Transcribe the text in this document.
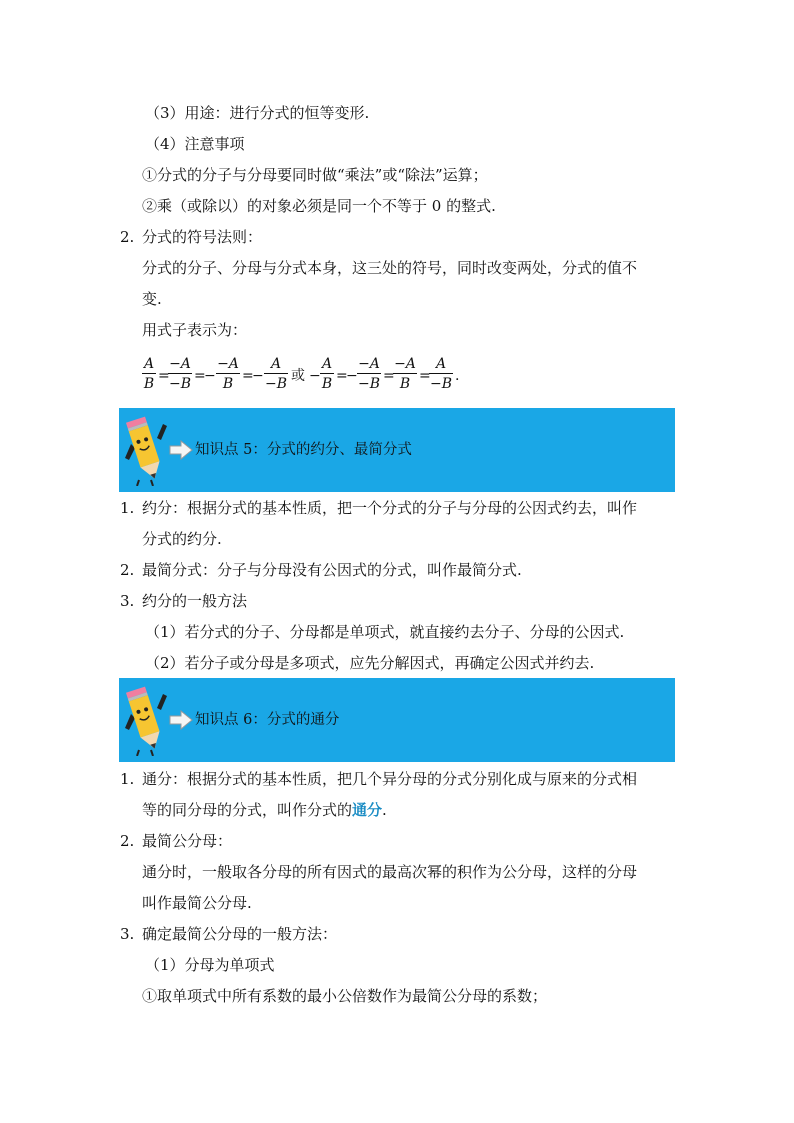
（3）用途：进行分式的恒等变形.
（4）注意事项
①分式的分子与分母要同时做“乘法”或“除法”运算；
②乘（或除以）的对象必须是同一个不等于 0 的整式.
2. 分式的符号法则：
分式的分子、分母与分式本身，这三处的符号，同时改变两处，分式的值不
变.
用式子表示为：
A
B =
−A
−B =
−
−A
B =
−
A
−B 或 −
A
B =
−
−A
−B =
−A
B =
A
−B .
知识点 5：分式的约分、最简分式
1. 约分：根据分式的基本性质，把一个分式的分子与分母的公因式约去，叫作
分式的约分.
2. 最简分式：分子与分母没有公因式的分式，叫作最简分式.
3. 约分的一般方法
（1）若分式的分子、分母都是单项式，就直接约去分子、分母的公因式.
（2）若分子或分母是多项式，应先分解因式，再确定公因式并约去.
知识点 6：分式的通分
1. 通分：根据分式的基本性质，把几个异分母的分式分别化成与原来的分式相
等的同分母的分式，叫作分式的通分.
2. 最简公分母：
通分时，一般取各分母的所有因式的最高次幂的积作为公分母，这样的分母
叫作最简公分母.
3. 确定最简公分母的一般方法：
（1）分母为单项式
①取单项式中所有系数的最小公倍数作为最简公分母的系数；
